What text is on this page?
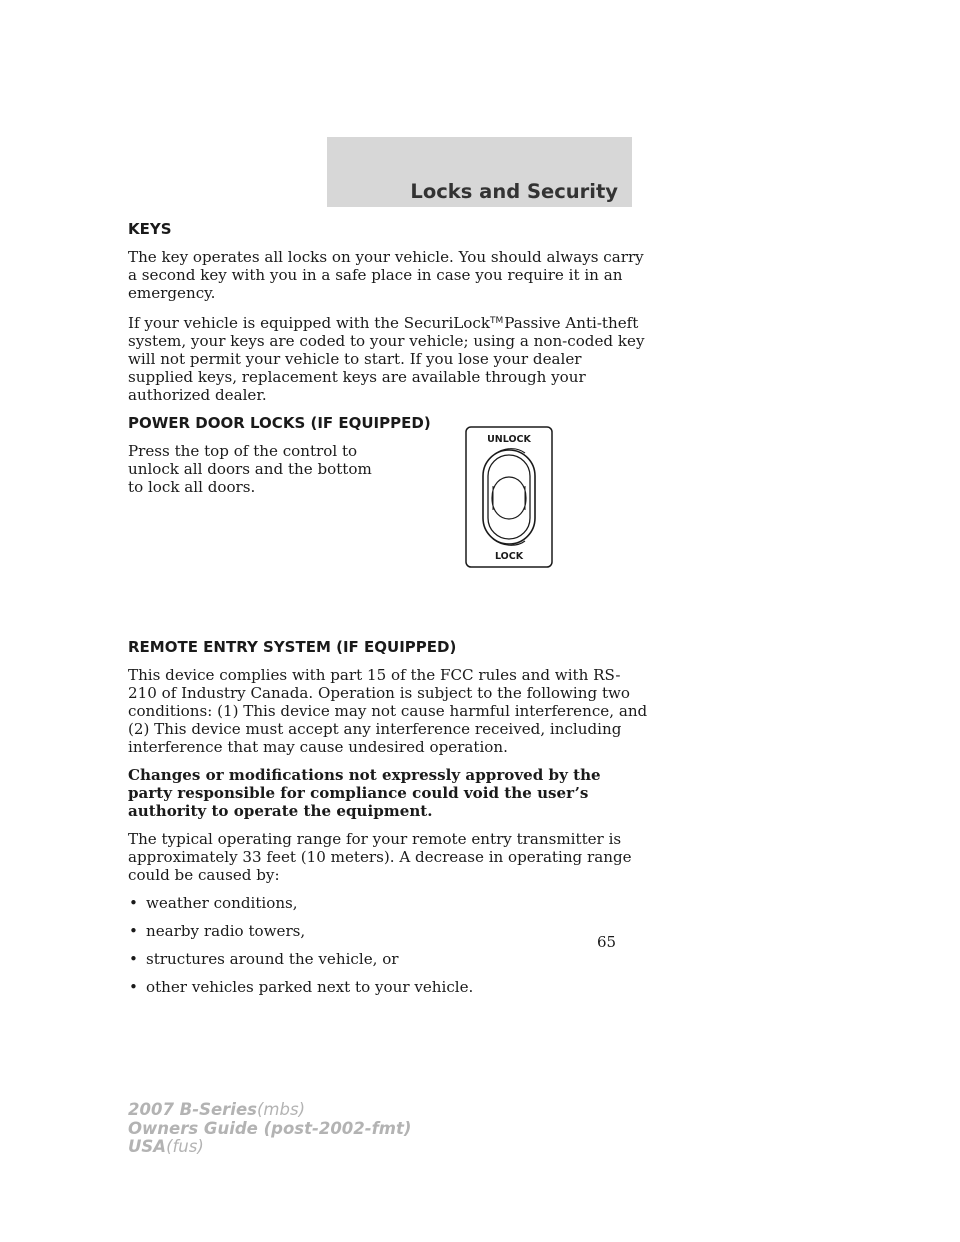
Locks and Security
KEYS

The key operates all locks on your vehicle. You should always carry a second key with you in a safe place in case you require it in an emergency.

If your vehicle is equipped with the SecuriLock™Passive Anti-theft system, your keys are coded to your vehicle; using a non-coded key will not permit your vehicle to start. If you lose your dealer supplied keys, replacement keys are available through your authorized dealer.

POWER DOOR LOCKS (IF EQUIPPED)

Press the top of the control to unlock all doors and the bottom to lock all doors.

UNLOCK
LOCK
REMOTE ENTRY SYSTEM (IF EQUIPPED)

This device complies with part 15 of the FCC rules and with RS-210 of Industry Canada. Operation is subject to the following two conditions: (1) This device may not cause harmful interference, and (2) This device must accept any interference received, including interference that may cause undesired operation.

Changes or modifications not expressly approved by the party responsible for compliance could void the user’s authority to operate the equipment.

The typical operating range for your remote entry transmitter is approximately 33 feet (10 meters). A decrease in operating range could be caused by:

• weather conditions,
• nearby radio towers,
• structures around the vehicle, or
• other vehicles parked next to your vehicle.
65
2007 B-Series(mbs)
Owners Guide (post-2002-fmt)
USA(fus)
